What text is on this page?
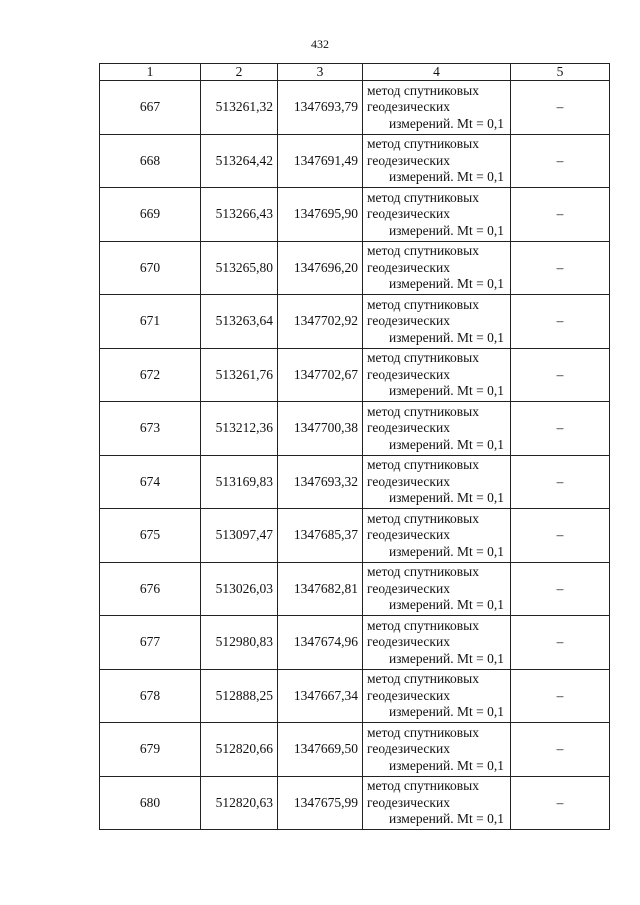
432
1	2	3	4	5
667	513261,32	1347693,79	метод спутниковых
геодезических
измерений. Mt = 0,1	–
668	513264,42	1347691,49	метод спутниковых
геодезических
измерений. Mt = 0,1	–
669	513266,43	1347695,90	метод спутниковых
геодезических
измерений. Mt = 0,1	–
670	513265,80	1347696,20	метод спутниковых
геодезических
измерений. Mt = 0,1	–
671	513263,64	1347702,92	метод спутниковых
геодезических
измерений. Mt = 0,1	–
672	513261,76	1347702,67	метод спутниковых
геодезических
измерений. Mt = 0,1	–
673	513212,36	1347700,38	метод спутниковых
геодезических
измерений. Mt = 0,1	–
674	513169,83	1347693,32	метод спутниковых
геодезических
измерений. Mt = 0,1	–
675	513097,47	1347685,37	метод спутниковых
геодезических
измерений. Mt = 0,1	–
676	513026,03	1347682,81	метод спутниковых
геодезических
измерений. Mt = 0,1	–
677	512980,83	1347674,96	метод спутниковых
геодезических
измерений. Mt = 0,1	–
678	512888,25	1347667,34	метод спутниковых
геодезических
измерений. Mt = 0,1	–
679	512820,66	1347669,50	метод спутниковых
геодезических
измерений. Mt = 0,1	–
680	512820,63	1347675,99	метод спутниковых
геодезических
измерений. Mt = 0,1	–
